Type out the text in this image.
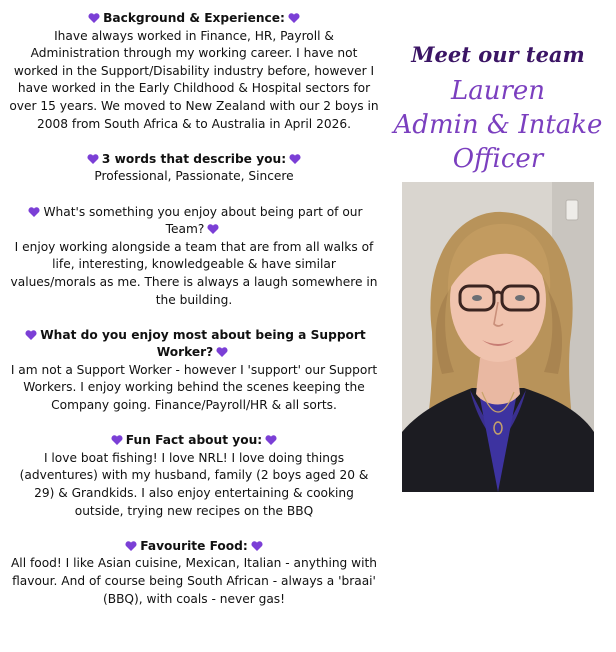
Background & Experience:
Ihave always worked in Finance, HR, Payroll & Administration through my working career. I have not worked in the Support/Disability industry before, however I have worked in the Early Childhood & Hospital sectors for over 15 years. We moved to New Zealand with our 2 boys in 2008 from South Africa & to Australia in April 2026.
3 words that describe you:
Professional, Passionate, Sincere
What's something you enjoy about being part of our Team?
I enjoy working alongside a team that are from all walks of life, interesting, knowledgeable & have similar values/morals as me. There is always a laugh somewhere in the building.
What do you enjoy most about being a Support Worker?
I am not a Support Worker - however I 'support' our Support Workers. I enjoy working behind the scenes keeping the Company going. Finance/Payroll/HR & all sorts.
Fun Fact about you:
I love boat fishing! I love NRL! I love doing things (adventures) with my husband, family (2 boys aged 20 & 29) & Grandkids. I also enjoy entertaining & cooking outside, trying new recipes on the BBQ
Favourite Food:
All food! I like Asian cuisine, Mexican, Italian - anything with flavour. And of course being South African - always a 'braai' (BBQ), with coals - never gas!
Meet our team
Lauren
Admin & Intake Officer
